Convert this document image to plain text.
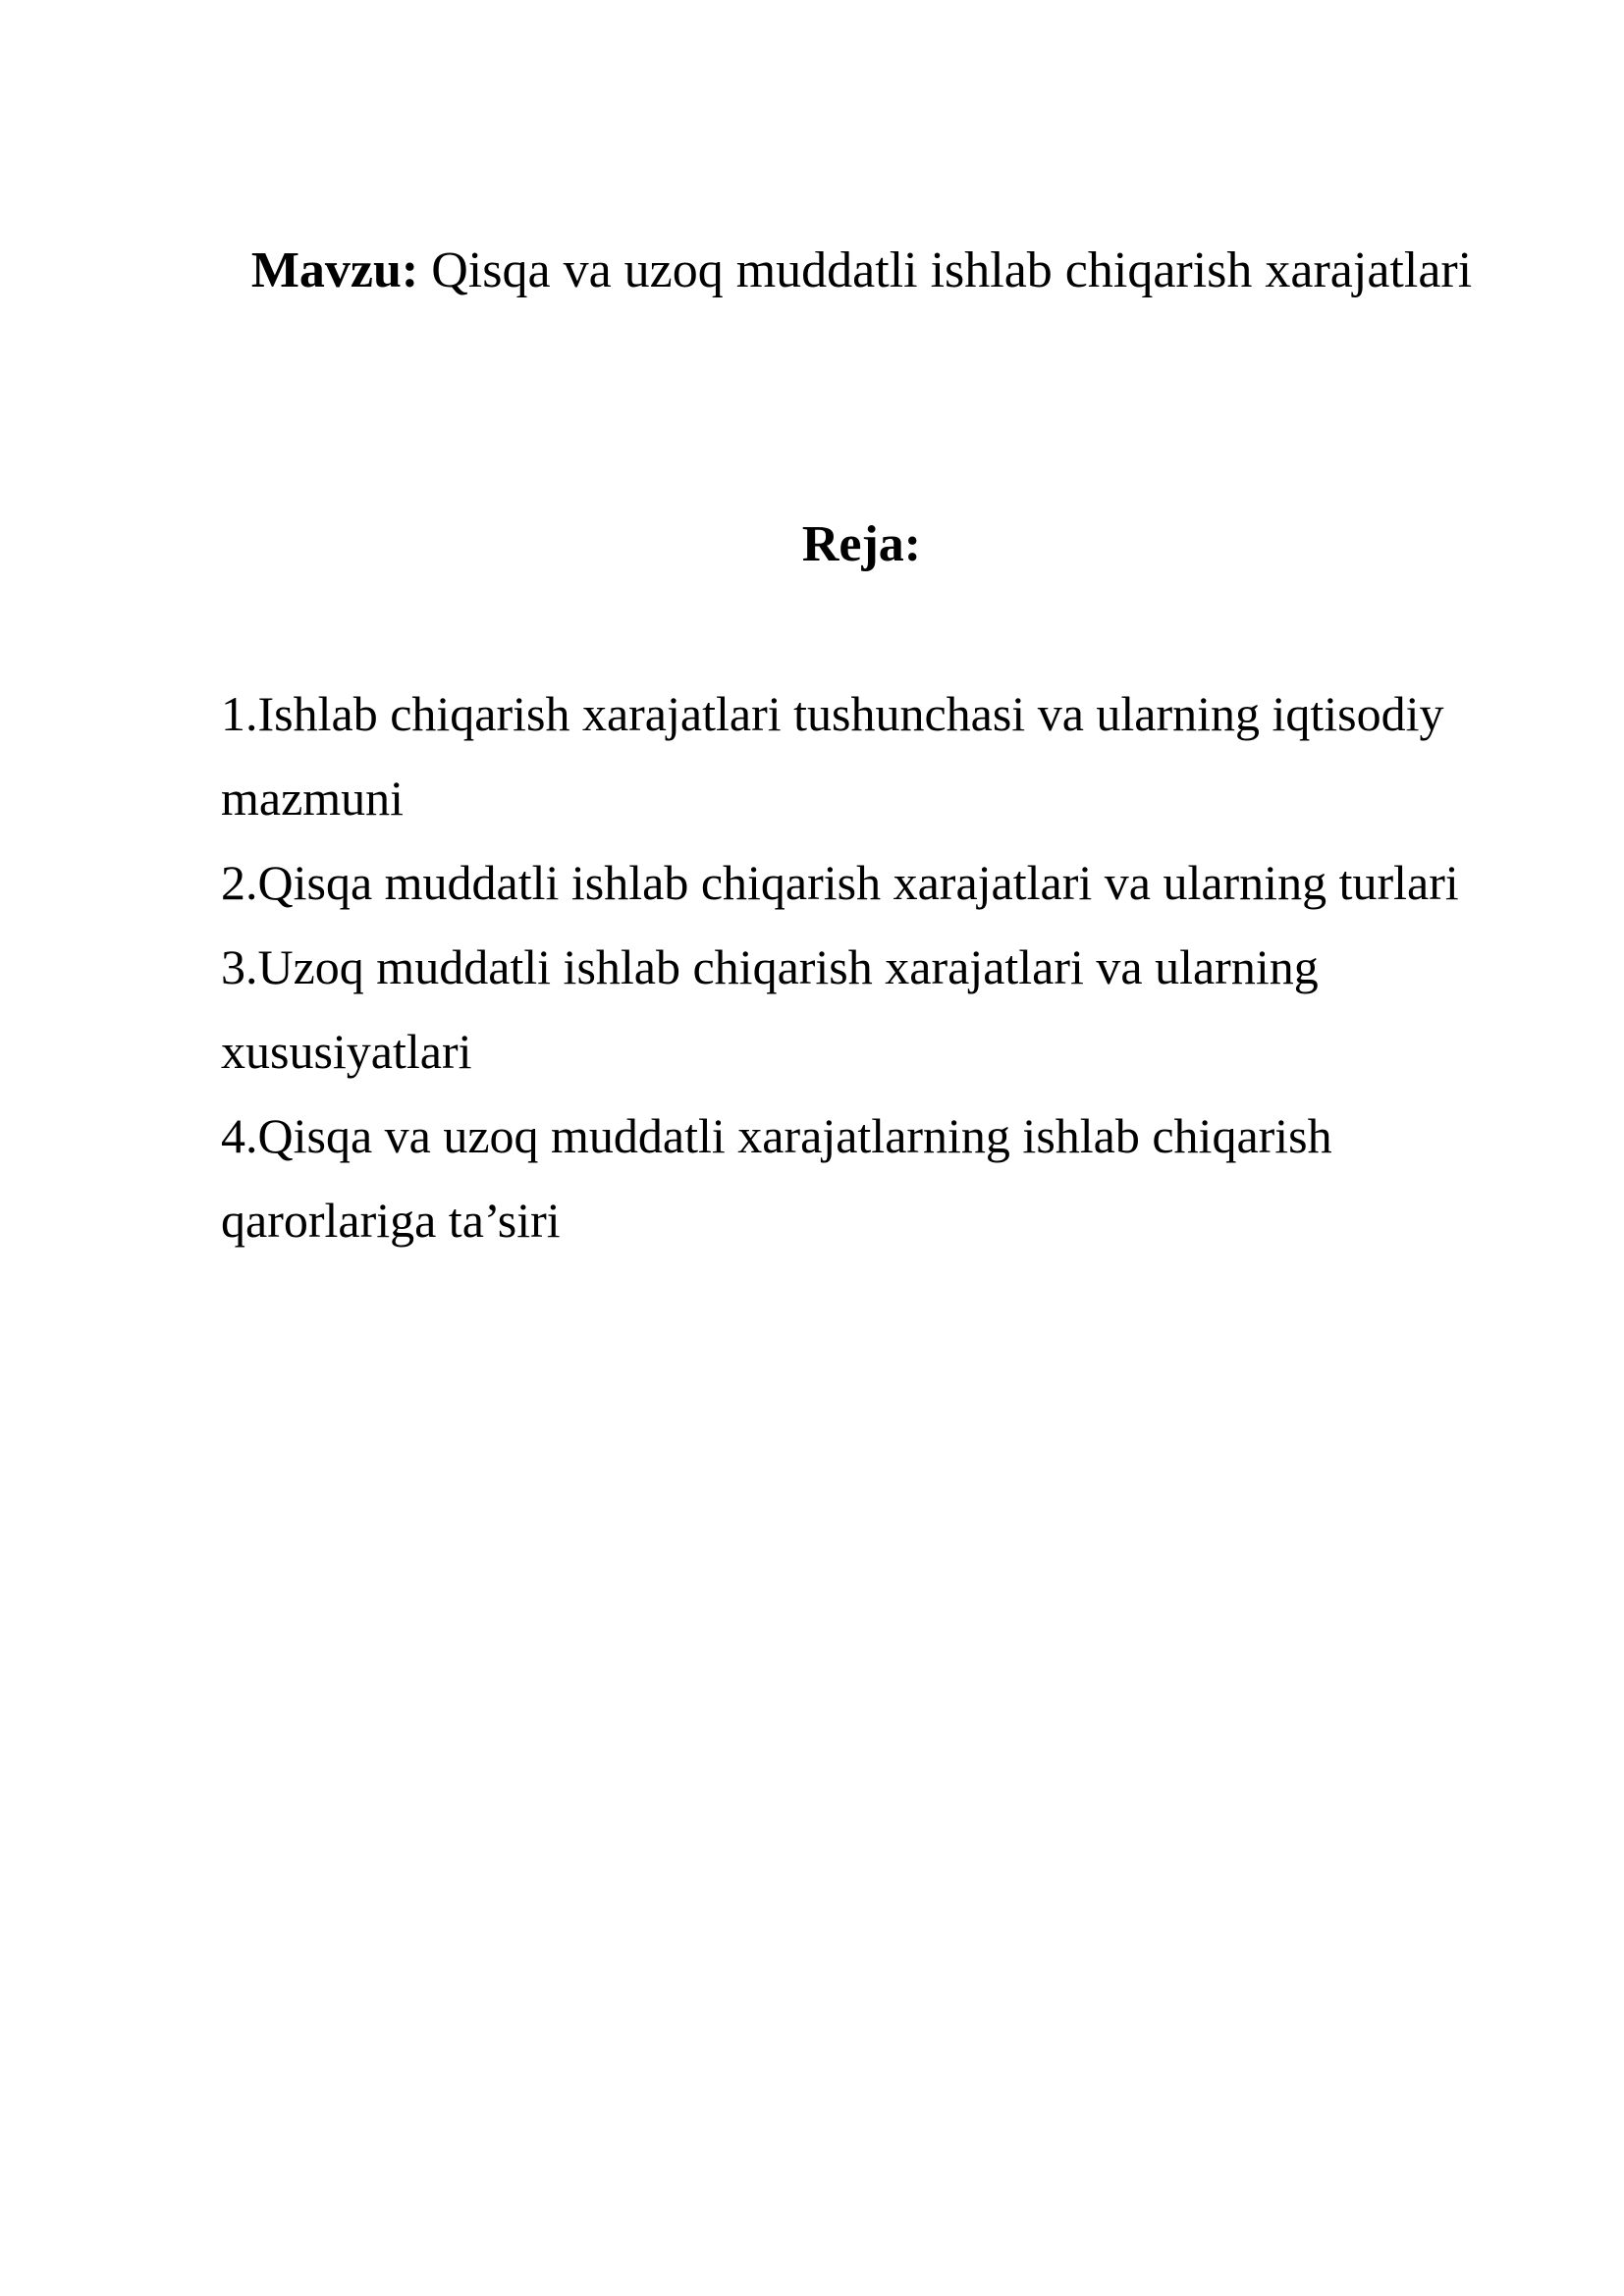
Mavzu: Qisqa va uzoq muddatli ishlab chiqarish xarajatlari
Reja:
1.Ishlab chiqarish xarajatlari tushunchasi va ularning iqtisodiy mazmuni
2.Qisqa muddatli ishlab chiqarish xarajatlari va ularning turlari
3.Uzoq muddatli ishlab chiqarish xarajatlari va ularning xususiyatlari
4.Qisqa va uzoq muddatli xarajatlarning ishlab chiqarish qarorlariga ta’siri
